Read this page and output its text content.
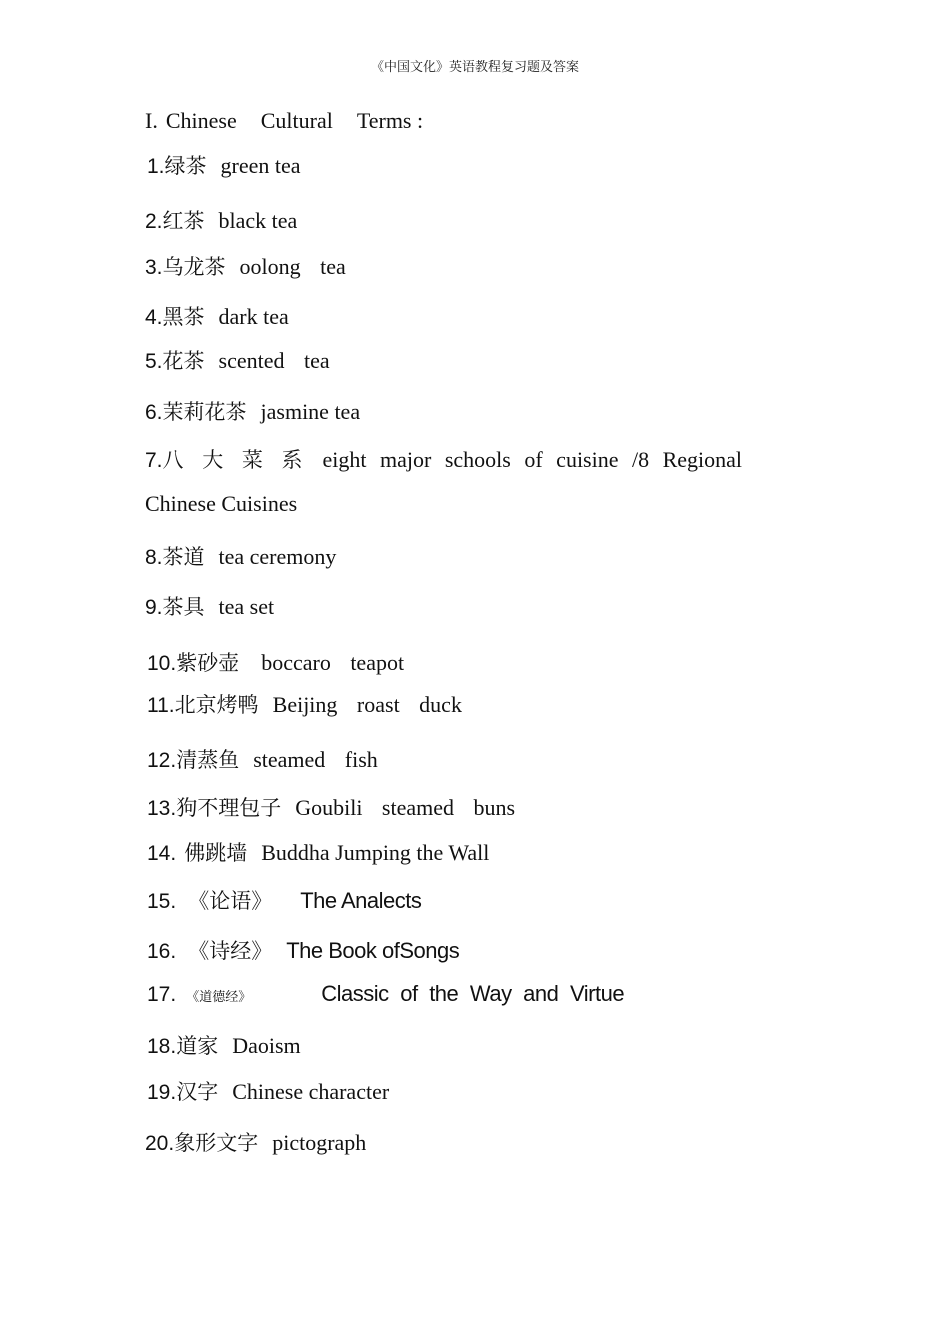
《中国文化》英语教程复习题及答案
I. Chinese Cultural Terms :
1.绿茶 green tea
2.红茶 black tea
3.乌龙茶 oolong tea
4.黑茶 dark tea
5.花茶 scented tea
6.茉莉花茶 jasmine tea
7.八 大 菜 系 eight major schools of cuisine /8 Regional
Chinese Cuisines
8.茶道 tea ceremony
9.茶具 tea set
10.紫砂壶 boccaro teapot
11.北京烤鸭 Beijing roast duck
12.清蒸鱼 steamed fish
13.狗不理包子 Goubili steamed buns
14. 佛跳墙 Buddha Jumping the Wall
15. 《论语》 The Analects
16. 《诗经》 The Book ofSongs
17. 《道德经》	Classic of the Way and Virtue
18.道家 Daoism
19.汉字 Chinese character
20.象形文字 pictograph
